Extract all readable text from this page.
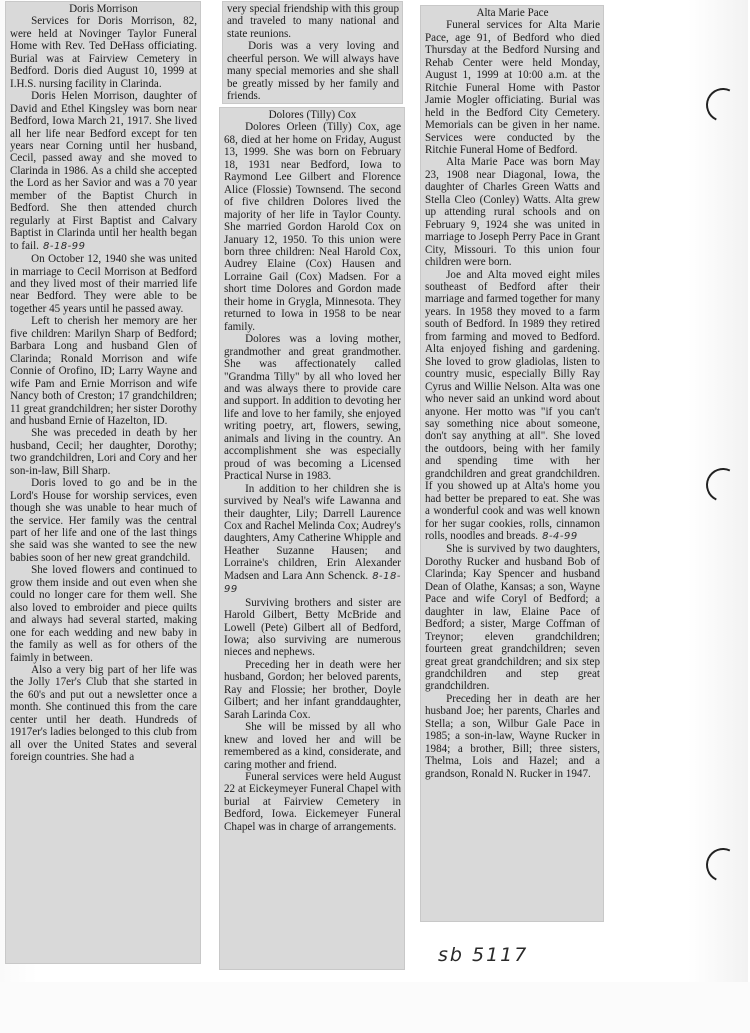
Doris Morrison

Services for Doris Morrison, 82, were held at Novinger Taylor Funeral Home with Rev. Ted DeHass officiating. Burial was at Fairview Cemetery in Bedford. Doris died August 10, 1999 at I.H.S. nursing facility in Clarinda.

Doris Helen Morrison, daughter of David and Ethel Kingsley was born near Bedford, Iowa March 21, 1917. She lived all her life near Bedford except for ten years near Corning until her husband, Cecil, passed away and she moved to Clarinda in 1986. As a child she accepted the Lord as her Savior and was a 70 year member of the Baptist Church in Bedford. She then attended church regularly at First Baptist and Calvary Baptist in Clarinda until her health began to fail. 8-18-99

On October 12, 1940 she was united in marriage to Cecil Morrison at Bedford and they lived most of their married life near Bedford. They were able to be together 45 years until he passed away.

Left to cherish her memory are her five children: Marilyn Sharp of Bedford; Barbara Long and husband Glen of Clarinda; Ronald Morrison and wife Connie of Orofino, ID; Larry Wayne and wife Pam and Ernie Morrison and wife Nancy both of Creston; 17 grandchildren; 11 great grandchildren; her sister Dorothy and husband Ernie of Hazelton, ID.

She was preceded in death by her husband, Cecil; her daughter, Dorothy; two grandchildren, Lori and Cory and her son-in-law, Bill Sharp.

Doris loved to go and be in the Lord's House for worship services, even though she was unable to hear much of the service. Her family was the central part of her life and one of the last things she said was she wanted to see the new babies soon of her new great grandchild.

She loved flowers and continued to grow them inside and out even when she could no longer care for them well. She also loved to embroider and piece quilts and always had several started, making one for each wedding and new baby in the family as well as for others of the faimly in between.

Also a very big part of her life was the Jolly 17er's Club that she started in the 60's and put out a newsletter once a month. She continued this from the care center until her death. Hundreds of 1917er's ladies belonged to this club from all over the United States and several foreign countries. She had a

very special friendship with this group and traveled to many national and state reunions.

Doris was a very loving and cheerful person. We will always have many special memories and she shall be greatly missed by her family and friends.

Dolores (Tilly) Cox

Dolores Orleen (Tilly) Cox, age 68, died at her home on Friday, August 13, 1999. She was born on February 18, 1931 near Bedford, Iowa to Raymond Lee Gilbert and Florence Alice (Flossie) Townsend. The second of five children Dolores lived the majority of her life in Taylor County. She married Gordon Harold Cox on January 12, 1950. To this union were born three children: Neal Harold Cox, Audrey Elaine (Cox) Hausen and Lorraine Gail (Cox) Madsen. For a short time Dolores and Gordon made their home in Grygla, Minnesota. They returned to Iowa in 1958 to be near family.

Dolores was a loving mother, grandmother and great grandmother. She was affectionately called "Grandma Tilly" by all who loved her and was always there to provide care and support. In addition to devoting her life and love to her family, she enjoyed writing poetry, art, flowers, sewing, animals and living in the country. An accomplishment she was especially proud of was becoming a Licensed Practical Nurse in 1983.

In addition to her children she is survived by Neal's wife Lawanna and their daughter, Lily; Darrell Laurence Cox and Rachel Melinda Cox; Audrey's daughters, Amy Catherine Whipple and Heather Suzanne Hausen; and Lorraine's children, Erin Alexander Madsen and Lara Ann Schenck. 8-18-99

Surviving brothers and sister are Harold Gilbert, Betty McBride and Lowell (Pete) Gilbert all of Bedford, Iowa; also surviving are numerous nieces and nephews.

Preceding her in death were her husband, Gordon; her beloved parents, Ray and Flossie; her brother, Doyle Gilbert; and her infant granddaughter, Sarah Larinda Cox.

She will be missed by all who knew and loved her and will be remembered as a kind, considerate, and caring mother and friend.

Funeral services were held August 22 at Eickeymeyer Funeral Chapel with burial at Fairview Cemetery in Bedford, Iowa. Eickemeyer Funeral Chapel was in charge of arrangements.

Alta Marie Pace

Funeral services for Alta Marie Pace, age 91, of Bedford who died Thursday at the Bedford Nursing and Rehab Center were held Monday, August 1, 1999 at 10:00 a.m. at the Ritchie Funeral Home with Pastor Jamie Mogler officiating. Burial was held in the Bedford City Cemetery. Memorials can be given in her name. Services were conducted by the Ritchie Funeral Home of Bedford.

Alta Marie Pace was born May 23, 1908 near Diagonal, Iowa, the daughter of Charles Green Watts and Stella Cleo (Conley) Watts. Alta grew up attending rural schools and on February 9, 1924 she was united in marriage to Joseph Perry Pace in Grant City, Missouri. To this union four children were born.

Joe and Alta moved eight miles southeast of Bedford after their marriage and farmed together for many years. In 1958 they moved to a farm south of Bedford. In 1989 they retired from farming and moved to Bedford. Alta enjoyed fishing and gardening. She loved to grow gladiolas, listen to country music, especially Billy Ray Cyrus and Willie Nelson. Alta was one who never said an unkind word about anyone. Her motto was "if you can't say something nice about someone, don't say anything at all". She loved the outdoors, being with her family and spending time with her grandchildren and great grandchildren. If you showed up at Alta's home you had better be prepared to eat. She was a wonderful cook and was well known for her sugar cookies, rolls, cinnamon rolls, noodles and breads. 8-4-99

She is survived by two daughters, Dorothy Rucker and husband Bob of Clarinda; Kay Spencer and husband Dean of Olathe, Kansas; a son, Wayne Pace and wife Coryl of Bedford; a daughter in law, Elaine Pace of Bedford; a sister, Marge Coffman of Treynor; eleven grandchildren; fourteen great grandchildren; seven great great grandchildren; and six step grandchildren and step great grandchildren.

Preceding her in death are her husband Joe; her parents, Charles and Stella; a son, Wilbur Gale Pace in 1985; a son-in-law, Wayne Rucker in 1984; a brother, Bill; three sisters, Thelma, Lois and Hazel; and a grandson, Ronald N. Rucker in 1947.

sb 5117
